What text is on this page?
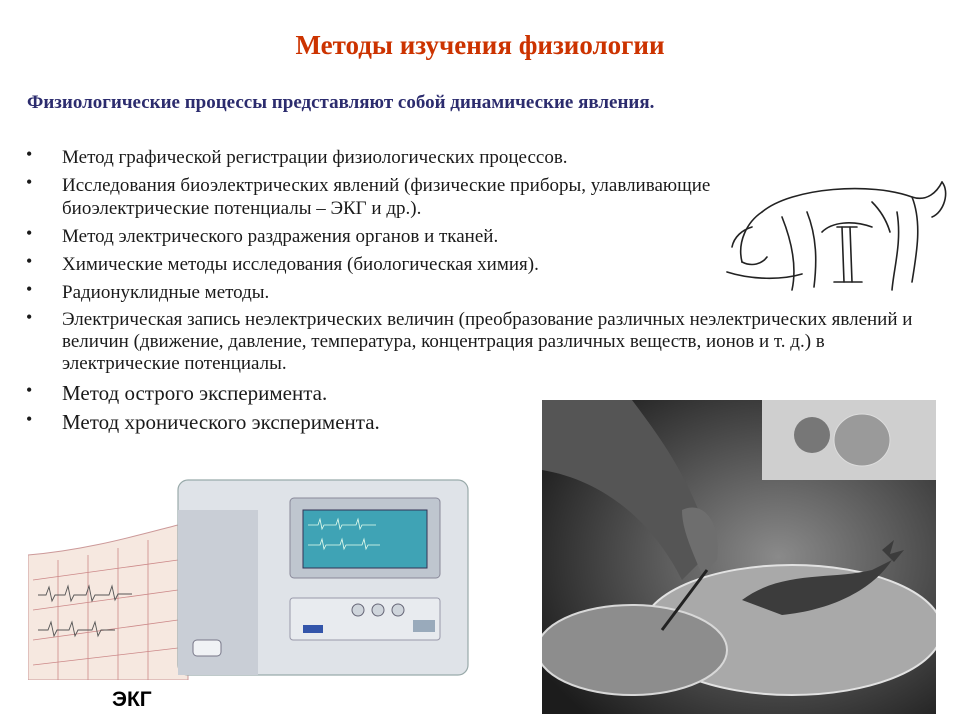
Методы изучения физиологии
Физиологические процессы представляют собой динамические явления.
• Метод графической регистрации физиологических процессов.
• Исследования биоэлектрических явлений (физические приборы, улавливающие биоэлектрические потенциалы – ЭКГ и др.).
• Метод электрического раздражения органов и тканей.
• Химические методы исследования (биологическая химия).
• Радионуклидные методы.
• Электрическая запись неэлектрических величин (преобразование различных неэлектрических явлений и величин (движение, давление, температура, концентрация различных веществ, ионов и т. д.) в электрические потенциалы.
• Метод острого эксперимента.
• Метод хронического эксперимента.
ЭКГ
